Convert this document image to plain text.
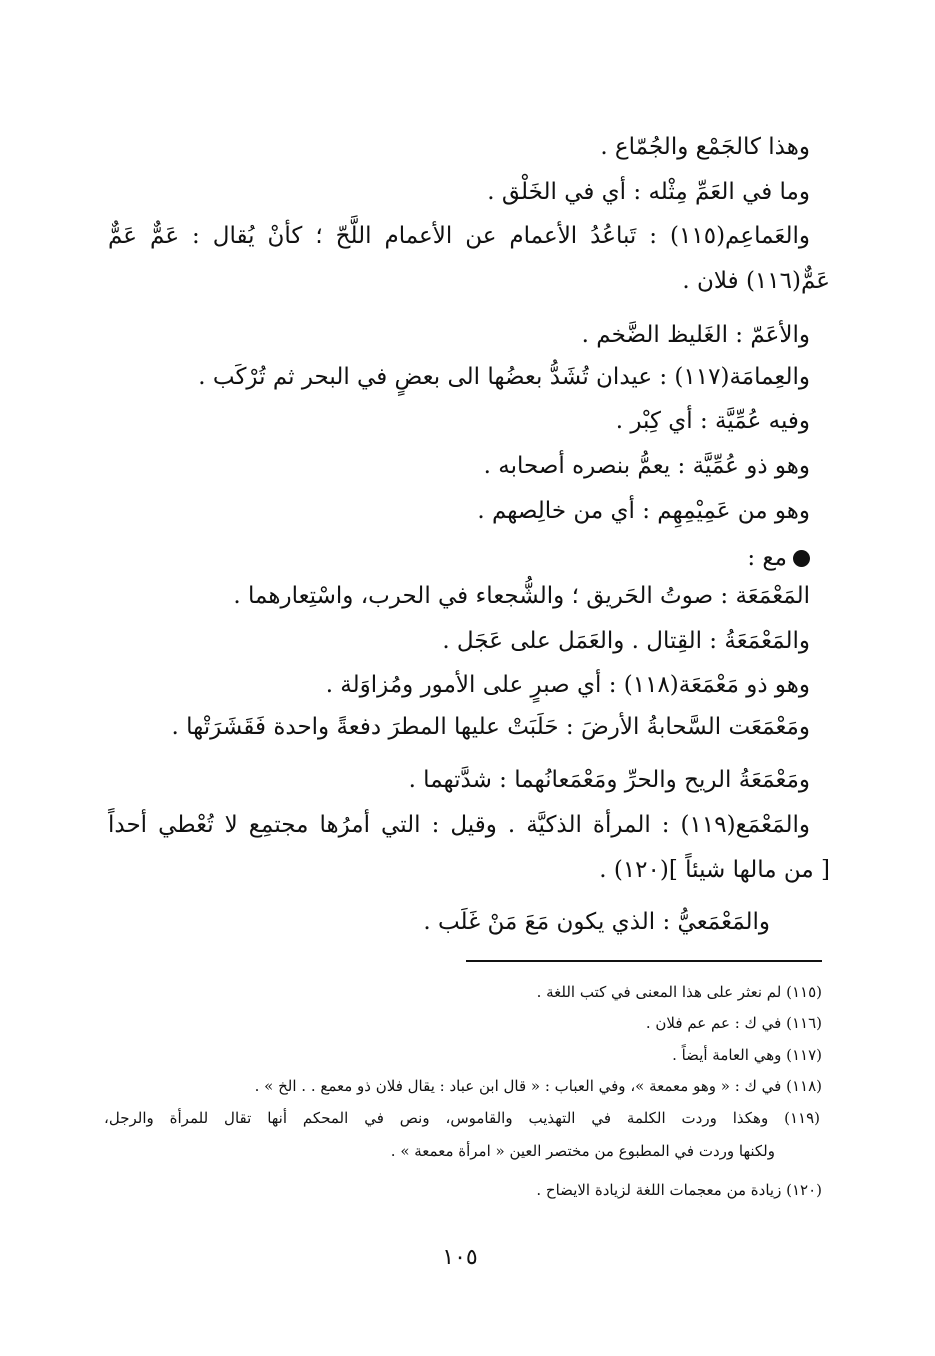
وهذا كالجَمْع والجُمّاع .
وما في العَمِّ مِثْله : أي في الخَلْق .
والعَماعِم(١١٥) : تَباعُدُ الأعمام عن الأعمام اللَّحّ ؛ كأنْ يُقال : عَمٌّ عَمٌّ
عَمٌّ(١١٦) فلان .
والأعَمّ : الغَليظ الضَّخم .
والعِمامَة(١١٧) : عيدان تُشَدُّ بعضُها الى بعضٍ في البحر ثم تُرْكَب .
وفيه عُمِّيَّة : أي كِبْر .
وهو ذو عُمِّيَّة : يعمُّ بنصره أصحابه .
وهو من عَمِيْمِهِم : أي من خالِصهم .
مع :
المَعْمَعَة : صوتُ الحَريق ؛ والشُّجعاء في الحرب، واسْتِعارهما .
والمَعْمَعَةُ : القِتال . والعَمَل على عَجَل .
وهو ذو مَعْمَعَة(١١٨) : أي صبرٍ على الأمور ومُزاوَلة .
ومَعْمَعَت السَّحابةُ الأرضَ : حَلَبَتْ عليها المطرَ دفعةً واحدة فَقَشَرَتْها .
ومَعْمَعَةُ الريح والحرِّ ومَعْمَعانُهما : شدَّتهما .
والمَعْمَع(١١٩) : المرأة الذكيَّة . وقيل : التي أمرُها مجتمِع لا تُعْطي أحداً
[ من مالها شيئاً ](١٢٠) .
والمَعْمَعيُّ : الذي يكون مَعَ مَنْ غَلَب .
(١١٥) لم نعثر على هذا المعنى في كتب اللغة .
(١١٦) في ك : عم عم فلان .
(١١٧) وهي العامة أيضاً .
(١١٨) في ك : « وهو معمعة »، وفي العباب : « قال ابن عباد : يقال فلان ذو معمع . . الخ » .
(١١٩) وهكذا وردت الكلمة في التهذيب والقاموس، ونص في المحكم أنها تقال للمرأة والرجل،
ولكنها وردت في المطبوع من مختصر العين « امرأة معمعة » .
(١٢٠) زيادة من معجمات اللغة لزيادة الايضاح .
١٠٥
